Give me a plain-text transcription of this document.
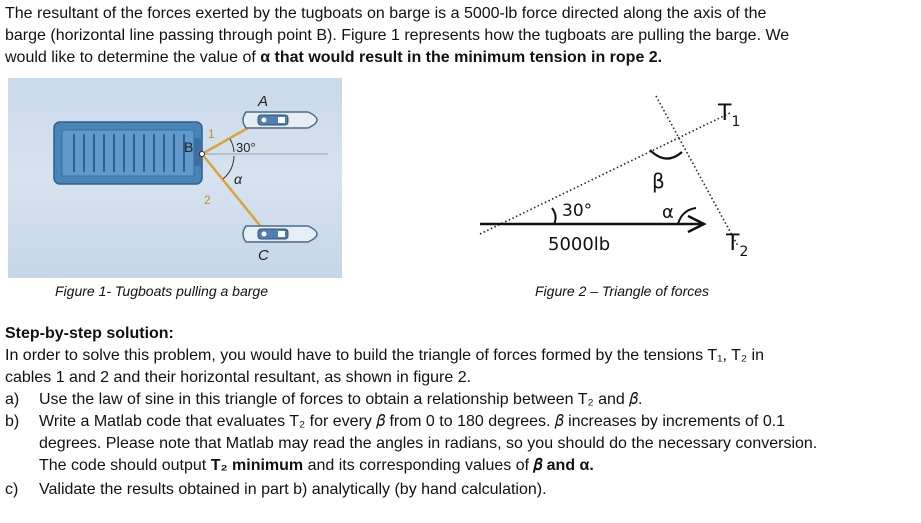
The resultant of the forces exerted by the tugboats on barge is a 5000-lb force directed along the axis of the

barge (horizontal line passing through point B). Figure 1 represents how the tugboats are pulling the barge. We

would like to determine the value of α that would result in the minimum tension in rope 2.

A
B
C
1
2
30°
α
Figure 1- Tugboats pulling a barge
30°
5000lb
β
α
$T_1$
$T_2$
Figure 2 – Triangle of forces

Step-by-step solution:

In order to solve this problem, you would have to build the triangle of forces formed by the tensions T₁, T₂ in

cables 1 and 2 and their horizontal resultant, as shown in figure 2.

a)	Use the law of sine in this triangle of forces to obtain a relationship between T₂ and 𝛽.
b)	Write a Matlab code that evaluates T₂ for every 𝛽 from 0 to 180 degrees. 𝛽 increases by increments of 0.1
degrees. Please note that Matlab may read the angles in radians, so you should do the necessary conversion.
The code should output T₂ minimum and its corresponding values of 𝛽 and α.
c)	Validate the results obtained in part b) analytically (by hand calculation).
